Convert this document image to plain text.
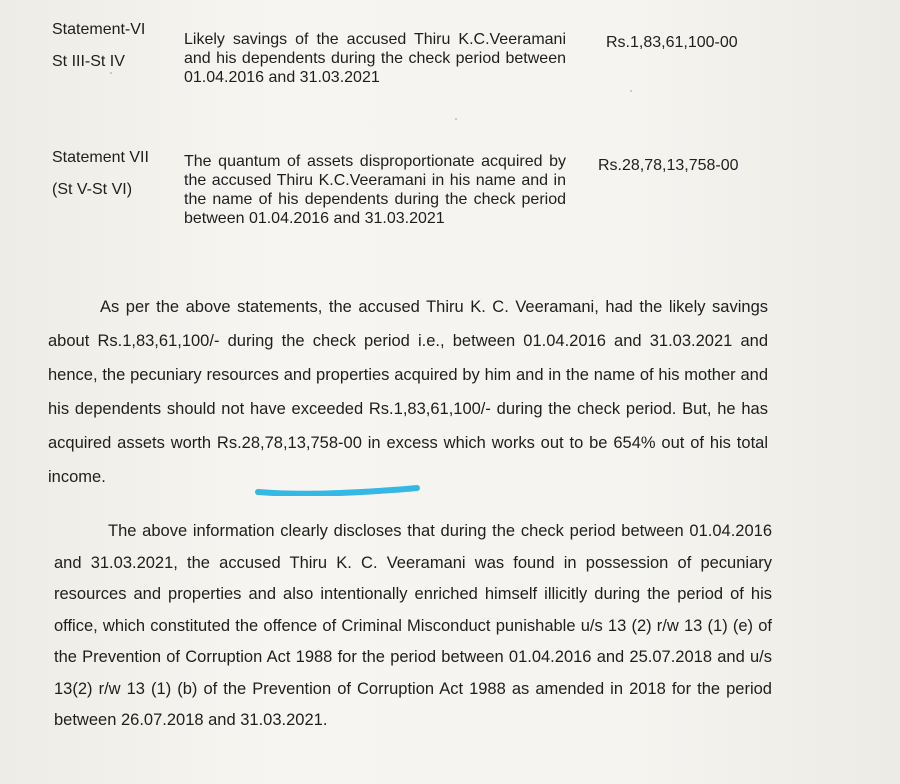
Statement-VI
St III-St IV
Likely savings of the accused Thiru K.C.Veeramani and his dependents during the check period between 01.04.2016 and 31.03.2021
Rs.1,83,61,100-00
Statement VII
(St V-St VI)
The quantum of assets disproportionate acquired by the accused Thiru K.C.Veeramani in his name and in the name of his dependents during the check period between 01.04.2016 and 31.03.2021
Rs.28,78,13,758-00
As per the above statements, the accused Thiru K. C. Veeramani, had the likely savings about Rs.1,83,61,100/- during the check period i.e., between 01.04.2016 and 31.03.2021 and hence, the pecuniary resources and properties acquired by him and in the name of his mother and his dependents should not have exceeded Rs.1,83,61,100/- during the check period. But, he has acquired assets worth Rs.28,78,13,758-00 in excess which works out to be 654% out of his total income.
The above information clearly discloses that during the check period between 01.04.2016 and 31.03.2021, the accused Thiru K. C. Veeramani was found in possession of pecuniary resources and properties and also intentionally enriched himself illicitly during the period of his office, which constituted the offence of Criminal Misconduct punishable u/s 13 (2) r/w 13 (1) (e) of the Prevention of Corruption Act 1988 for the period between 01.04.2016 and 25.07.2018 and u/s 13(2) r/w 13 (1) (b) of the Prevention of Corruption Act 1988 as amended in 2018 for the period between 26.07.2018 and 31.03.2021.
